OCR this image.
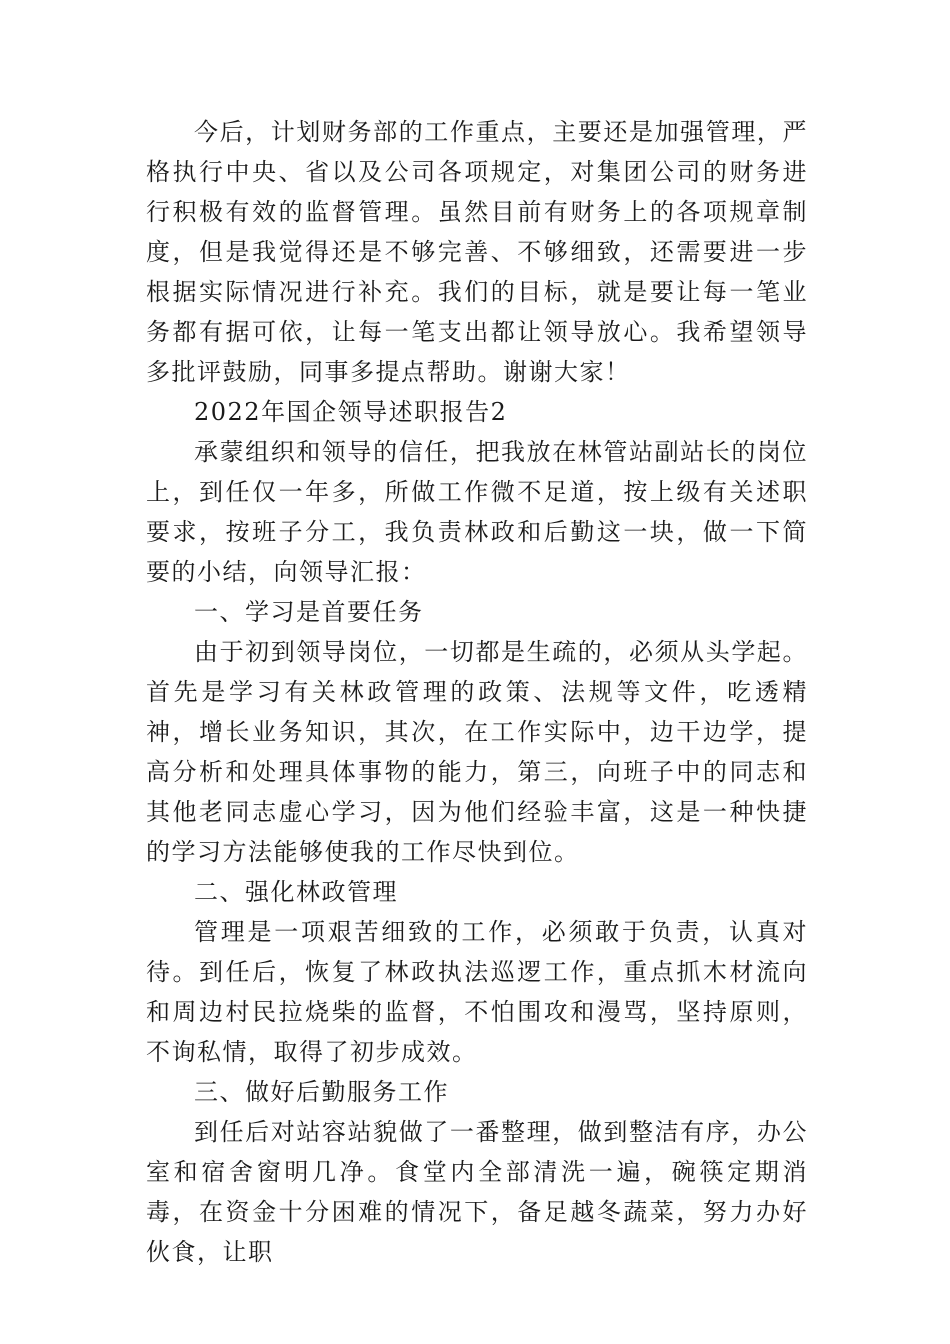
今后，计划财务部的工作重点，主要还是加强管理，严格执行中央、省以及公司各项规定，对集团公司的财务进行积极有效的监督管理。虽然目前有财务上的各项规章制度，但是我觉得还是不够完善、不够细致，还需要进一步根据实际情况进行补充。我们的目标，就是要让每一笔业务都有据可依，让每一笔支出都让领导放心。我希望领导多批评鼓励，同事多提点帮助。谢谢大家！

2022年国企领导述职报告2

承蒙组织和领导的信任，把我放在林管站副站长的岗位上，到任仅一年多，所做工作微不足道，按上级有关述职要求，按班子分工，我负责林政和后勤这一块，做一下简要的小结，向领导汇报：

一、学习是首要任务

由于初到领导岗位，一切都是生疏的，必须从头学起。首先是学习有关林政管理的政策、法规等文件，吃透精神，增长业务知识，其次，在工作实际中，边干边学，提高分析和处理具体事物的能力，第三，向班子中的同志和其他老同志虚心学习，因为他们经验丰富，这是一种快捷的学习方法能够使我的工作尽快到位。

二、强化林政管理

管理是一项艰苦细致的工作，必须敢于负责，认真对待。到任后，恢复了林政执法巡逻工作，重点抓木材流向和周边村民拉烧柴的监督，不怕围攻和漫骂，坚持原则，不询私情，取得了初步成效。

三、做好后勤服务工作

到任后对站容站貌做了一番整理，做到整洁有序，办公室和宿舍窗明几净。食堂内全部清洗一遍，碗筷定期消毒，在资金十分困难的情况下，备足越冬蔬菜，努力办好伙食，让职
